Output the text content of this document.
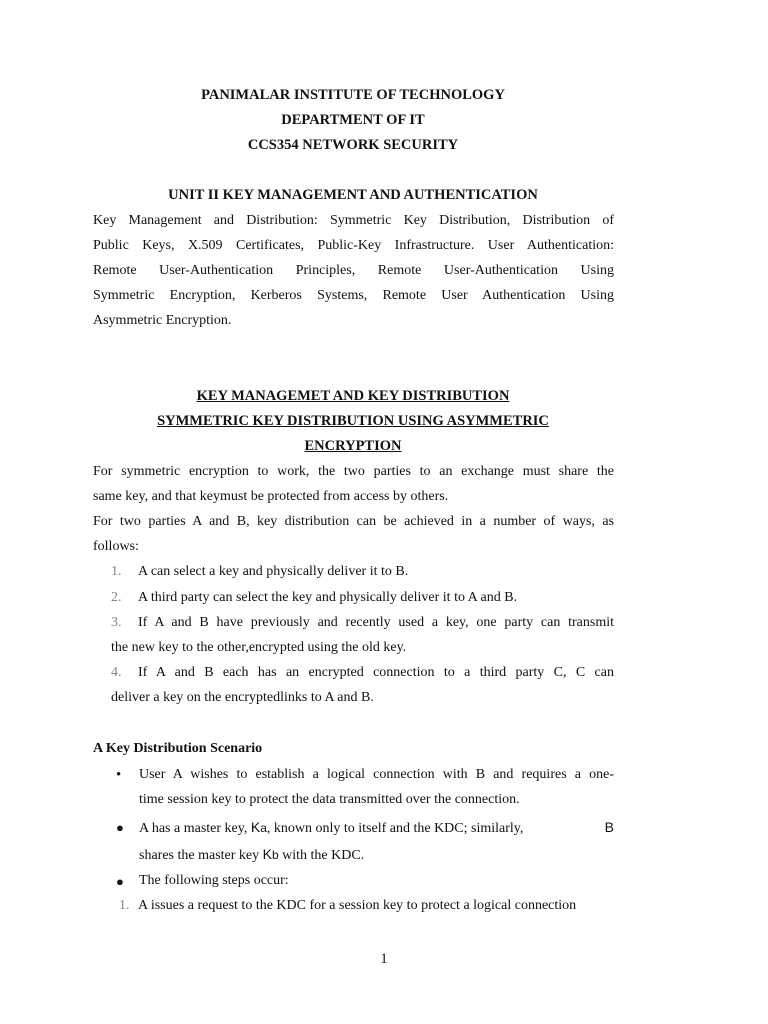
PANIMALAR INSTITUTE OF TECHNOLOGY
DEPARTMENT OF IT
CCS354 NETWORK SECURITY
UNIT II KEY MANAGEMENT AND AUTHENTICATION
Key Management and Distribution: Symmetric Key Distribution, Distribution of
Public Keys, X.509 Certificates, Public-Key Infrastructure. User Authentication:
Remote User-Authentication Principles, Remote User-Authentication Using
Symmetric Encryption, Kerberos Systems, Remote User Authentication Using
Asymmetric Encryption.
KEY MANAGEMET AND KEY DISTRIBUTION
SYMMETRIC KEY DISTRIBUTION USING ASYMMETRIC
ENCRYPTION
For symmetric encryption to work, the two parties to an exchange must share the
same key, and that keymust be protected from access by others.
For two parties A and B, key distribution can be achieved in a number of ways, as
follows:
1. A can select a key and physically deliver it to B.
2. A third party can select the key and physically deliver it to A and B.
3. If A and B have previously and recently used a key, one party can transmit
the new key to the other,encrypted using the old key.
4. If A and B each has an encrypted connection to a third party C, C can
deliver a key on the encryptedlinks to A and B.
A Key Distribution Scenario
• User A wishes to establish a logical connection with B and requires a one-
time session key to protect the data transmitted over the connection.
● A has a master key, Ka, known only to itself and the KDC; similarly,	B
shares the master key Kb with the KDC.
● The following steps occur:
1. A issues a request to the KDC for a session key to protect a logical connection
1
